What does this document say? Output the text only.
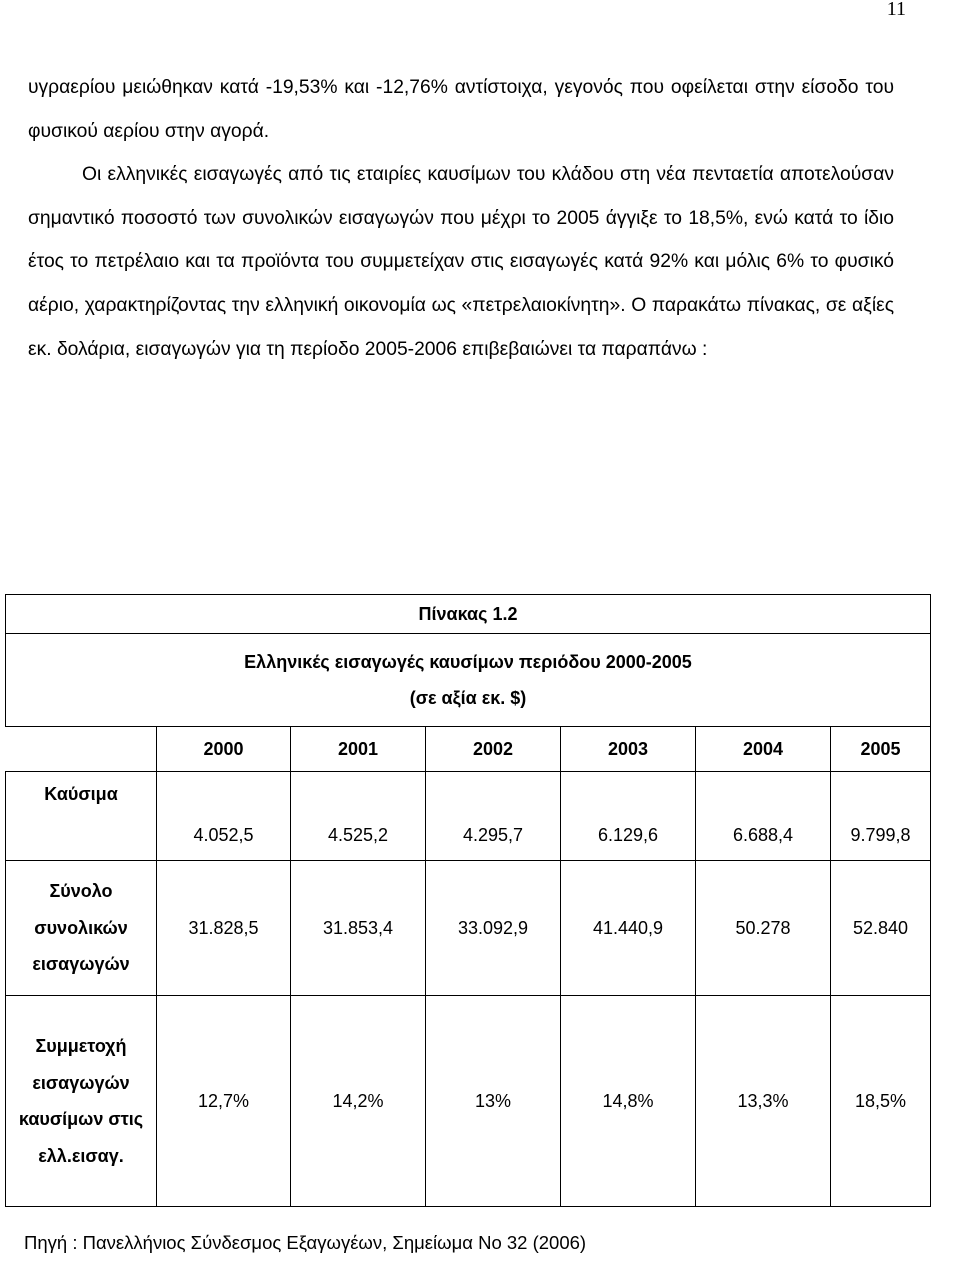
11

υγραερίου μειώθηκαν κατά -19,53% και -12,76% αντίστοιχα, γεγονός που οφείλεται στην είσοδο του φυσικού αερίου στην αγορά.

Οι ελληνικές εισαγωγές από τις εταιρίες καυσίμων του κλάδου στη νέα πενταετία αποτελούσαν σημαντικό ποσοστό των συνολικών εισαγωγών που μέχρι το 2005 άγγιξε το 18,5%, ενώ κατά το ίδιο έτος το πετρέλαιο και τα προϊόντα του συμμετείχαν στις εισαγωγές κατά 92% και μόλις 6% το φυσικό αέριο, χαρακτηρίζοντας την ελληνική οικονομία ως «πετρελαιοκίνητη». Ο παρακάτω πίνακας, σε αξίες εκ. δολάρια, εισαγωγών για τη περίοδο 2005-2006 επιβεβαιώνει τα παραπάνω :

Πίνακας 1.2						

Ελληνικές εισαγωγές καυσίμων περιόδου 2000-2005
(σε αξία εκ. $)						

	2000	2001	2002	2003	2004	2005
Καύσιμα	4.052,5	4.525,2	4.295,7	6.129,6	6.688,4	9.799,8
Σύνολο συνολικών εισαγωγών	31.828,5	31.853,4	33.092,9	41.440,9	50.278	52.840
Συμμετοχή εισαγωγών καυσίμων στις ελλ.εισαγ.	12,7%	14,2%	13%	14,8%	13,3%	18,5%
Πηγή : Πανελλήνιος Σύνδεσμος Εξαγωγέων, Σημείωμα Νο 32 (2006)
